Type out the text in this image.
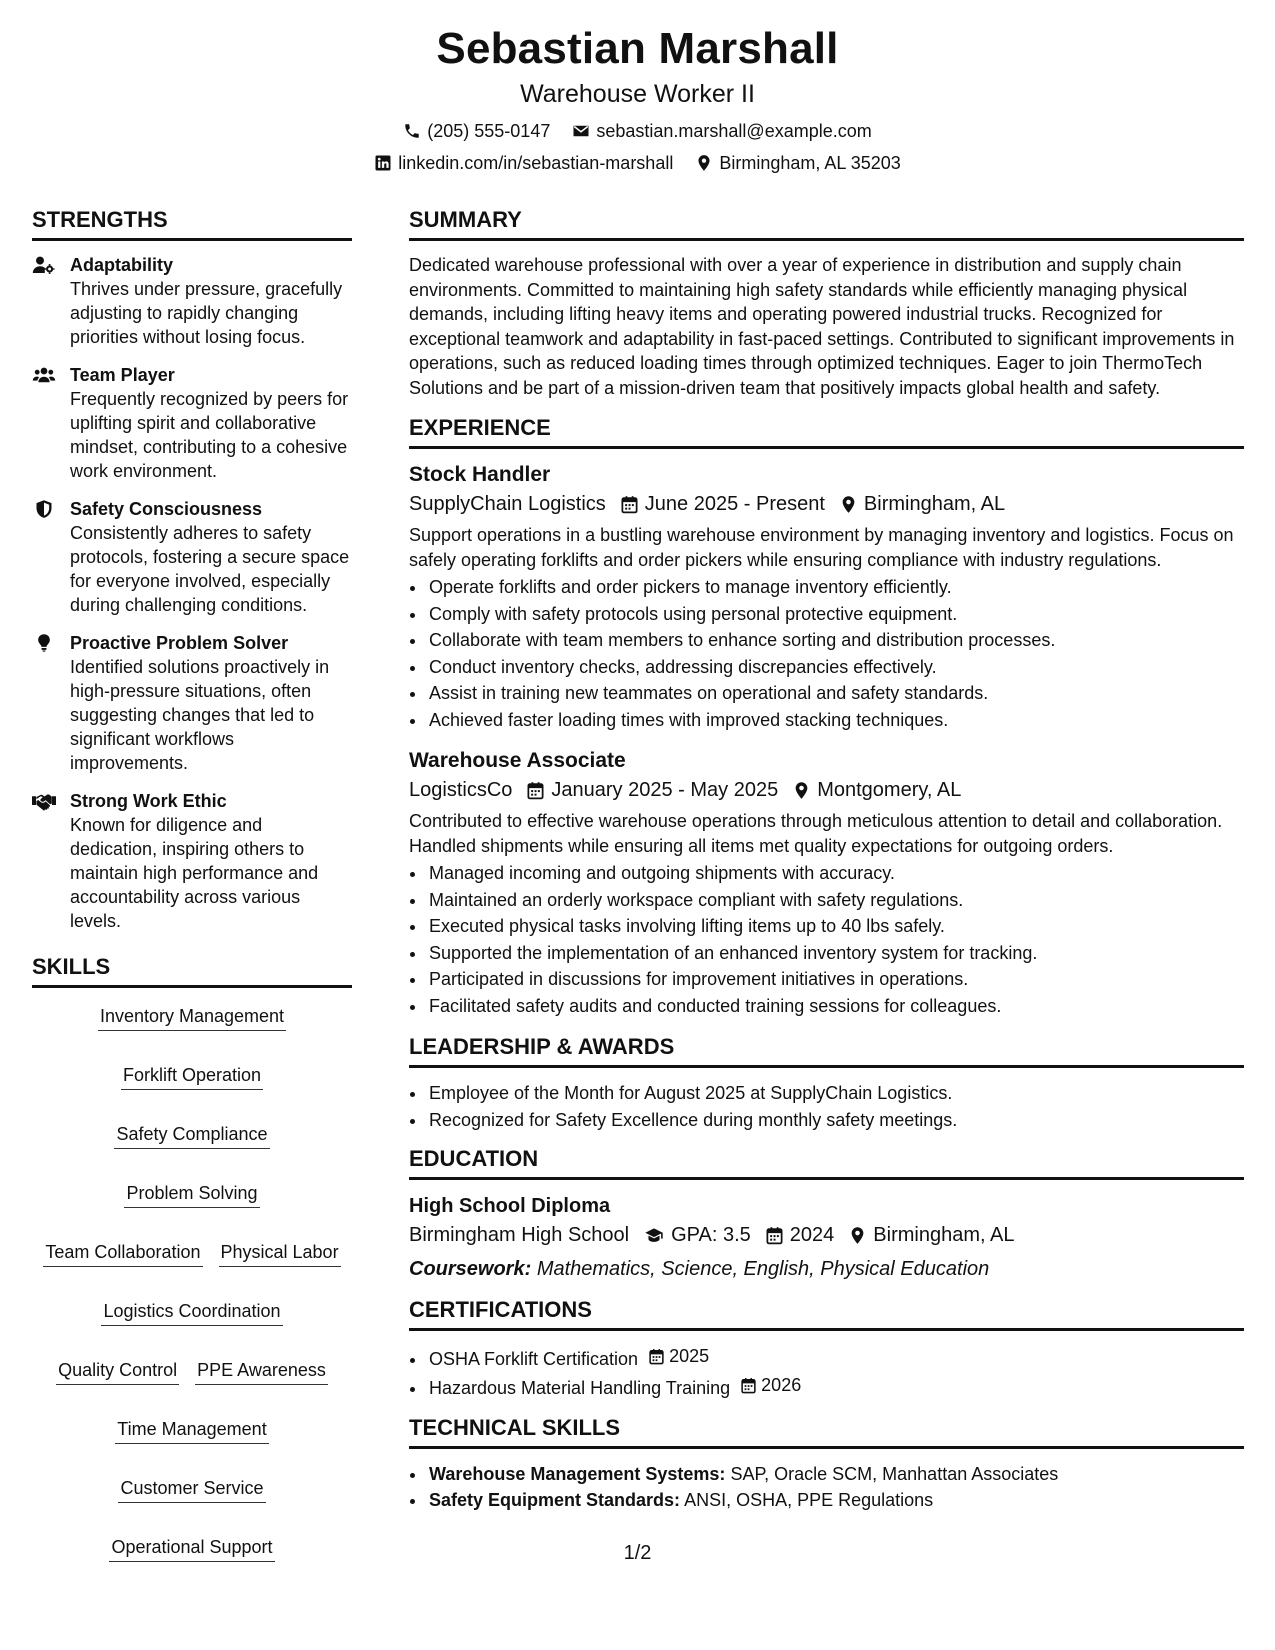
Sebastian Marshall
Warehouse Worker II
(205) 555-0147	sebastian.marshall@example.com
linkedin.com/in/sebastian-marshall	Birmingham, AL 35203
STRENGTHS
Adaptability
Thrives under pressure, gracefully adjusting to rapidly changing priorities without losing focus.
Team Player
Frequently recognized by peers for uplifting spirit and collaborative mindset, contributing to a cohesive work environment.
Safety Consciousness
Consistently adheres to safety protocols, fostering a secure space for everyone involved, especially during challenging conditions.
Proactive Problem Solver
Identified solutions proactively in high-pressure situations, often suggesting changes that led to significant workflows improvements.
Strong Work Ethic
Known for diligence and dedication, inspiring others to maintain high performance and accountability across various levels.
SKILLS
Inventory Management
Forklift Operation
Safety Compliance
Problem Solving
Team Collaboration Physical Labor
Logistics Coordination
Quality Control PPE Awareness
Time Management
Customer Service
Operational Support
SUMMARY
Dedicated warehouse professional with over a year of experience in distribution and supply chain environments. Committed to maintaining high safety standards while efficiently managing physical demands, including lifting heavy items and operating powered industrial trucks. Recognized for exceptional teamwork and adaptability in fast-paced settings. Contributed to significant improvements in operations, such as reduced loading times through optimized techniques. Eager to join ThermoTech Solutions and be part of a mission-driven team that positively impacts global health and safety.
EXPERIENCE
Stock Handler
SupplyChain Logistics June 2025 - Present Birmingham, AL
Support operations in a bustling warehouse environment by managing inventory and logistics. Focus on safely operating forklifts and order pickers while ensuring compliance with industry regulations.
• Operate forklifts and order pickers to manage inventory efficiently.
• Comply with safety protocols using personal protective equipment.
• Collaborate with team members to enhance sorting and distribution processes.
• Conduct inventory checks, addressing discrepancies effectively.
• Assist in training new teammates on operational and safety standards.
• Achieved faster loading times with improved stacking techniques.
Warehouse Associate
LogisticsCo January 2025 - May 2025 Montgomery, AL
Contributed to effective warehouse operations through meticulous attention to detail and collaboration. Handled shipments while ensuring all items met quality expectations for outgoing orders.
• Managed incoming and outgoing shipments with accuracy.
• Maintained an orderly workspace compliant with safety regulations.
• Executed physical tasks involving lifting items up to 40 lbs safely.
• Supported the implementation of an enhanced inventory system for tracking.
• Participated in discussions for improvement initiatives in operations.
• Facilitated safety audits and conducted training sessions for colleagues.
LEADERSHIP & AWARDS
• Employee of the Month for August 2025 at SupplyChain Logistics.
• Recognized for Safety Excellence during monthly safety meetings.
EDUCATION
High School Diploma
Birmingham High School GPA: 3.5 2024 Birmingham, AL
Coursework: Mathematics, Science, English, Physical Education
CERTIFICATIONS
• OSHA Forklift Certification 2025
• Hazardous Material Handling Training 2026
TECHNICAL SKILLS
• Warehouse Management Systems: SAP, Oracle SCM, Manhattan Associates
• Safety Equipment Standards: ANSI, OSHA, PPE Regulations
1/2
